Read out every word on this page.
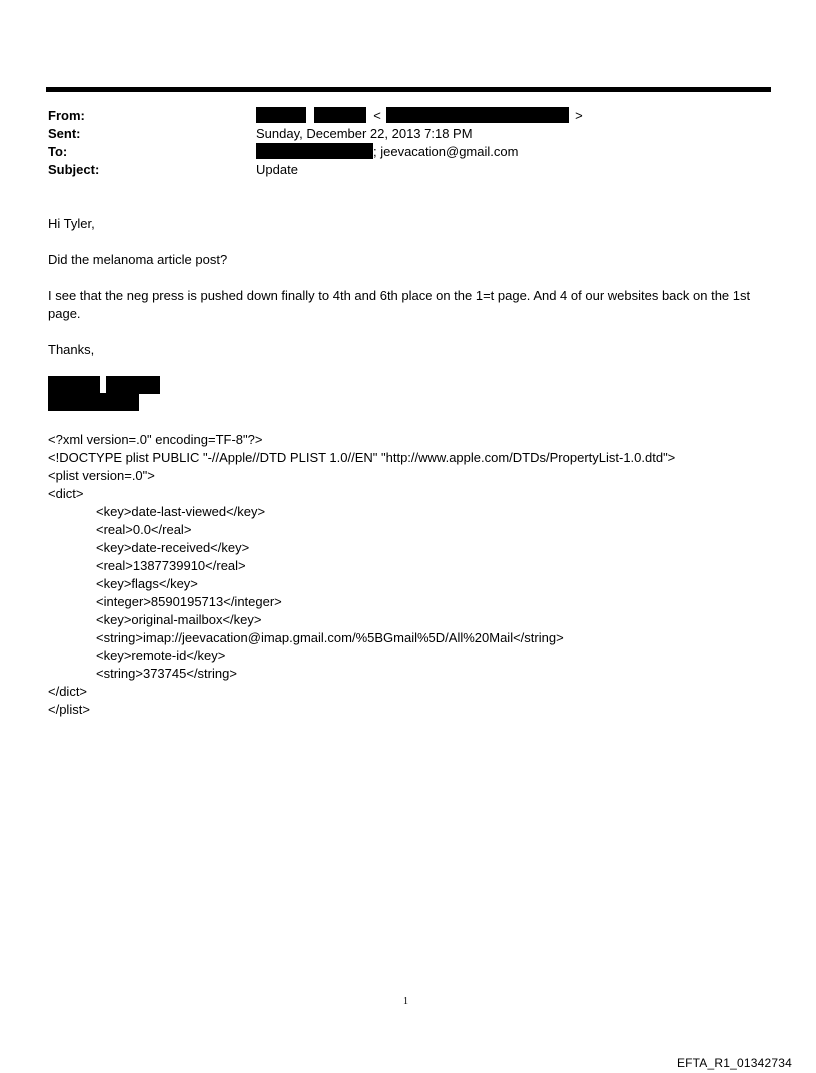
From:
Sent:
To:
Subject:
<	>
Sunday, December 22, 2013 7:18 PM
; jeevacation@gmail.com
Update
Hi Tyler,
Did the melanoma article post?
I see that the neg press is pushed down finally to 4th and 6th place on the 1=t page. And 4 of our websites back on the 1st page.
Thanks,
<?xml version=.0" encoding=TF-8"?>
<!DOCTYPE plist PUBLIC "-//Apple//DTD PLIST 1.0//EN" "http://www.apple.com/DTDs/PropertyList-1.0.dtd">
<plist version=.0">
<dict>
<key>date-last-viewed</key>
<real>0.0</real>
<key>date-received</key>
<real>1387739910</real>
<key>flags</key>
<integer>8590195713</integer>
<key>original-mailbox</key>
<string>imap://jeevacation@imap.gmail.com/%5BGmail%5D/All%20Mail</string>
<key>remote-id</key>
<string>373745</string>
</dict>
</plist>
1
EFTA_R1_01342734
